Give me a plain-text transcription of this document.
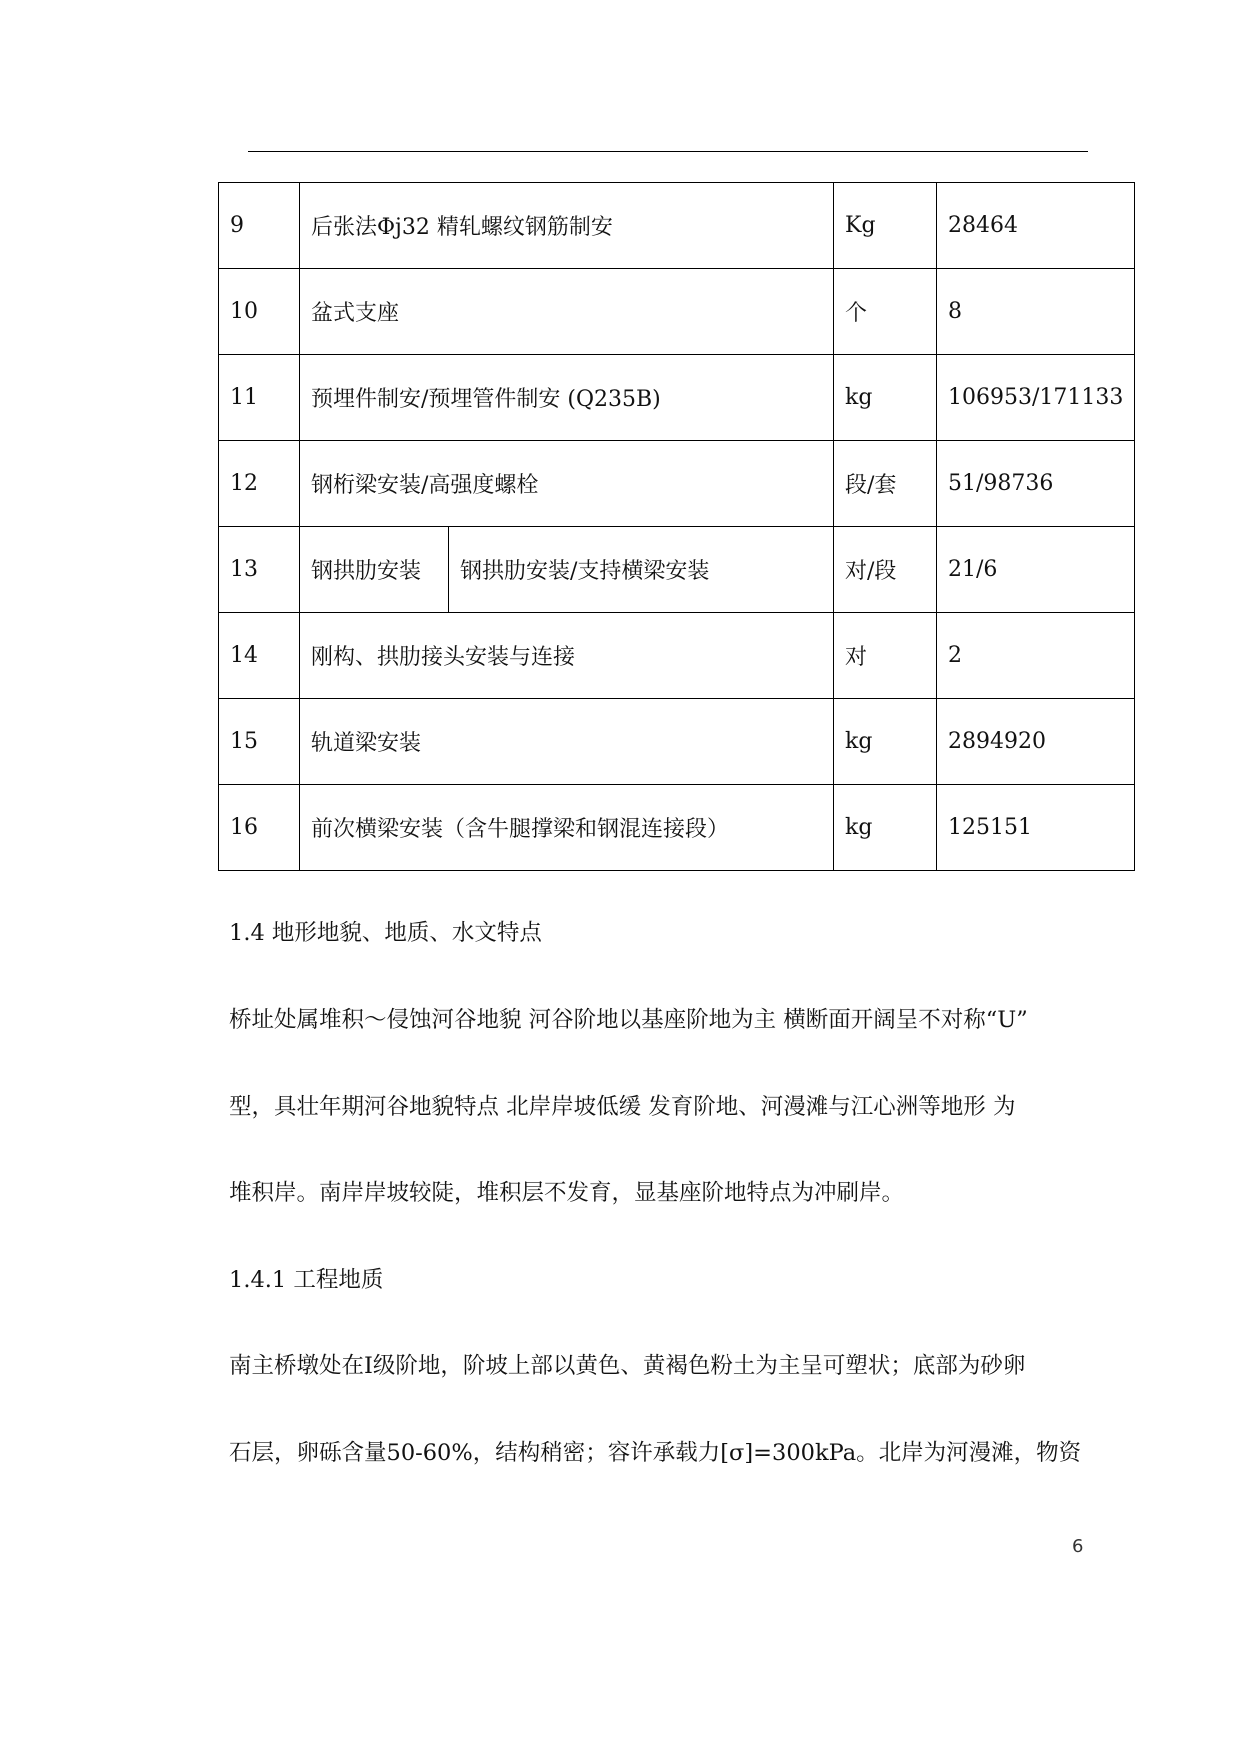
9	后张法Φj32 精轧螺纹钢筋制安		Kg	28464
10	盆式支座		个	8
11	预埋件制安/预埋管件制安 (Q235B)		kg	106953/171133
12	钢桁梁安装/高强度螺栓		段/套	51/98736
13	钢拱肋安装	钢拱肋安装/支持横梁安装	对/段	21/6
14	刚构、拱肋接头安装与连接		对	2
15	轨道梁安装		kg	2894920
16	前次横梁安装（含牛腿撑梁和钢混连接段）		kg	125151
1.4 地形地貌、地质、水文特点
桥址处属堆积～侵蚀河谷地貌 河谷阶地以基座阶地为主 横断面开阔呈不对称“U”
型，具壮年期河谷地貌特点 北岸岸坡低缓 发育阶地、河漫滩与江心洲等地形 为
堆积岸。南岸岸坡较陡，堆积层不发育，显基座阶地特点为冲刷岸。
1.4.1 工程地质
南主桥墩处在Ⅰ级阶地，阶坡上部以黄色、黄褐色粉土为主呈可塑状；底部为砂卵
石层，卵砾含量50-60%，结构稍密；容许承载力[σ]=300kPa。北岸为河漫滩，物资
6
